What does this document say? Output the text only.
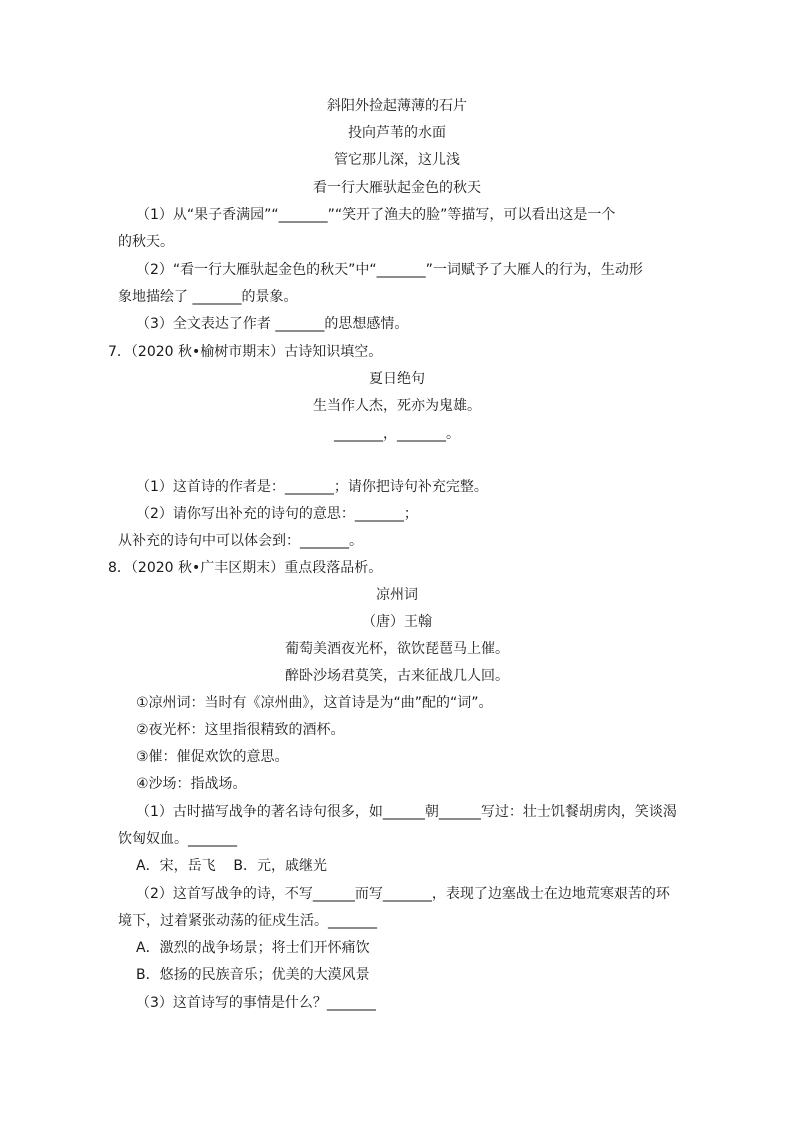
斜阳外捡起薄薄的石片
投向芦苇的水面
管它那儿深，这儿浅
看一行大雁驮起金色的秋天
（1）从“果子香满园”“_______”“笑开了渔夫的脸”等描写，可以看出这是一个
的秋天。
（2）“看一行大雁驮起金色的秋天”中“_______”一词赋予了大雁人的行为，生动形
象地描绘了 _______的景象。
（3）全文表达了作者 _______的思想感情。
7．（2020 秋•榆树市期末）古诗知识填空。
夏日绝句
生当作人杰，死亦为鬼雄。
_______，_______。
（1）这首诗的作者是：_______；请你把诗句补充完整。
（2）请你写出补充的诗句的意思：_______；
从补充的诗句中可以体会到：_______。
8．（2020 秋•广丰区期末）重点段落品析。
凉州词
（唐）王翰
葡萄美酒夜光杯，欲饮琵琶马上催。
醉卧沙场君莫笑，古来征战几人回。
①凉州词：当时有《凉州曲》，这首诗是为“曲”配的“词”。
②夜光杯：这里指很精致的酒杯。
③催：催促欢饮的意思。
④沙场：指战场。
（1）古时描写战争的著名诗句很多，如______朝______写过：壮士饥餐胡虏肉，笑谈渴
饮匈奴血。_______
A．宋，岳飞    B．元，戚继光
（2）这首写战争的诗，不写______而写_______，表现了边塞战士在边地荒寒艰苦的环
境下，过着紧张动荡的征戍生活。_______
A．激烈的战争场景；将士们开怀痛饮
B．悠扬的民族音乐；优美的大漠风景
（3）这首诗写的事情是什么？_______
